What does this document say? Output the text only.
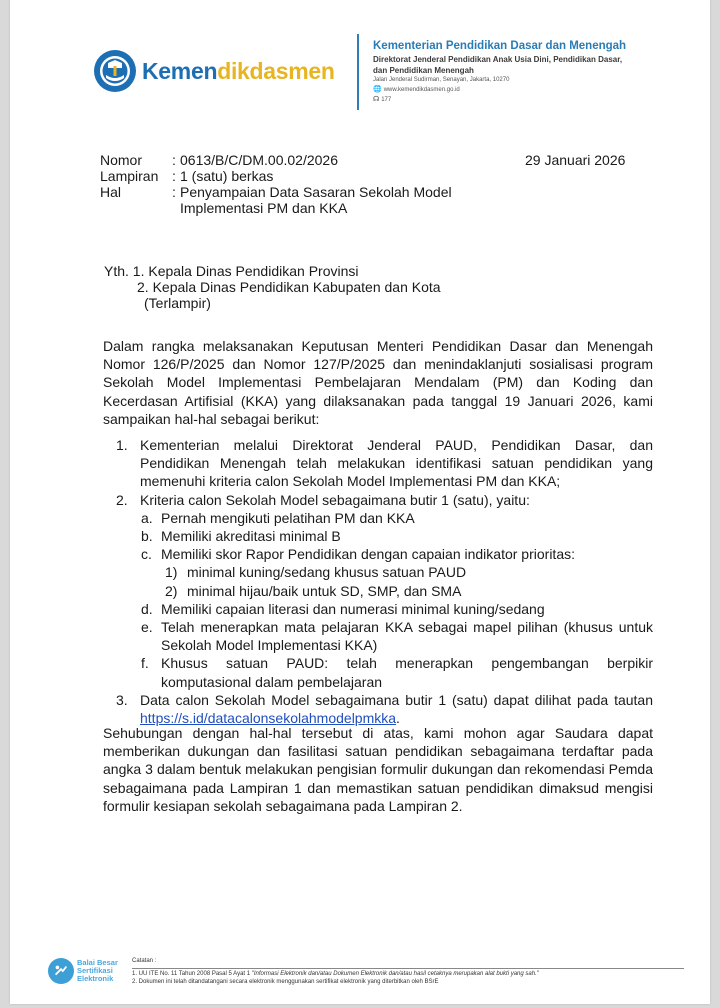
Kemendikdasmen
Kementerian Pendidikan Dasar dan Menengah
Direktorat Jenderal Pendidikan Anak Usia Dini, Pendidikan Dasar,
dan Pendidikan Menengah
Jalan Jenderal Sudirman, Senayan, Jakarta, 10270
🌐 www.kemendikdasmen.go.id
☊ 177
Nomor	: 0613/B/C/DM.00.02/2026
Lampiran : 1 (satu) berkas
Hal	: Penyampaian Data Sasaran Sekolah Model
Implementasi PM dan KKA
29 Januari 2026
Yth. 1. Kepala Dinas Pendidikan Provinsi
2. Kepala Dinas Pendidikan Kabupaten dan Kota
(Terlampir)
Dalam rangka melaksanakan Keputusan Menteri Pendidikan Dasar dan Menengah Nomor 126/P/2025 dan Nomor 127/P/2025 dan menindaklanjuti sosialisasi program Sekolah Model Implementasi Pembelajaran Mendalam (PM) dan Koding dan Kecerdasan Artifisial (KKA) yang dilaksanakan pada tanggal 19 Januari 2026, kami sampaikan hal-hal sebagai berikut:
1. Kementerian melalui Direktorat Jenderal PAUD, Pendidikan Dasar, dan Pendidikan Menengah telah melakukan identifikasi satuan pendidikan yang memenuhi kriteria calon Sekolah Model Implementasi PM dan KKA;
2. Kriteria calon Sekolah Model sebagaimana butir 1 (satu), yaitu:
a. Pernah mengikuti pelatihan PM dan KKA
b. Memiliki akreditasi minimal B
c. Memiliki skor Rapor Pendidikan dengan capaian indikator prioritas:
1) minimal kuning/sedang khusus satuan PAUD
2) minimal hijau/baik untuk SD, SMP, dan SMA
d. Memiliki capaian literasi dan numerasi minimal kuning/sedang
e. Telah menerapkan mata pelajaran KKA sebagai mapel pilihan (khusus untuk Sekolah Model Implementasi KKA)
f. Khusus satuan PAUD: telah menerapkan pengembangan berpikir komputasional dalam pembelajaran
3. Data calon Sekolah Model sebagaimana butir 1 (satu) dapat dilihat pada tautan https://s.id/datacalonsekolahmodelpmkka.
Sehubungan dengan hal-hal tersebut di atas, kami mohon agar Saudara dapat memberikan dukungan dan fasilitasi satuan pendidikan sebagaimana terdaftar pada angka 3 dalam bentuk melakukan pengisian formulir dukungan dan rekomendasi Pemda sebagaimana pada Lampiran 1 dan memastikan satuan pendidikan dimaksud mengisi formulir kesiapan sekolah sebagaimana pada Lampiran 2.
Balai Besar
Sertifikasi
Elektronik
Catatan :
1. UU ITE No. 11 Tahun 2008 Pasal 5 Ayat 1 "Informasi Elektronik dan/atau Dokumen Elektronik dan/atau hasil cetaknya merupakan alat bukti yang sah."
2. Dokumen ini telah ditandatangani secara elektronik menggunakan sertifikat elektronik yang diterbitkan oleh BSrE
